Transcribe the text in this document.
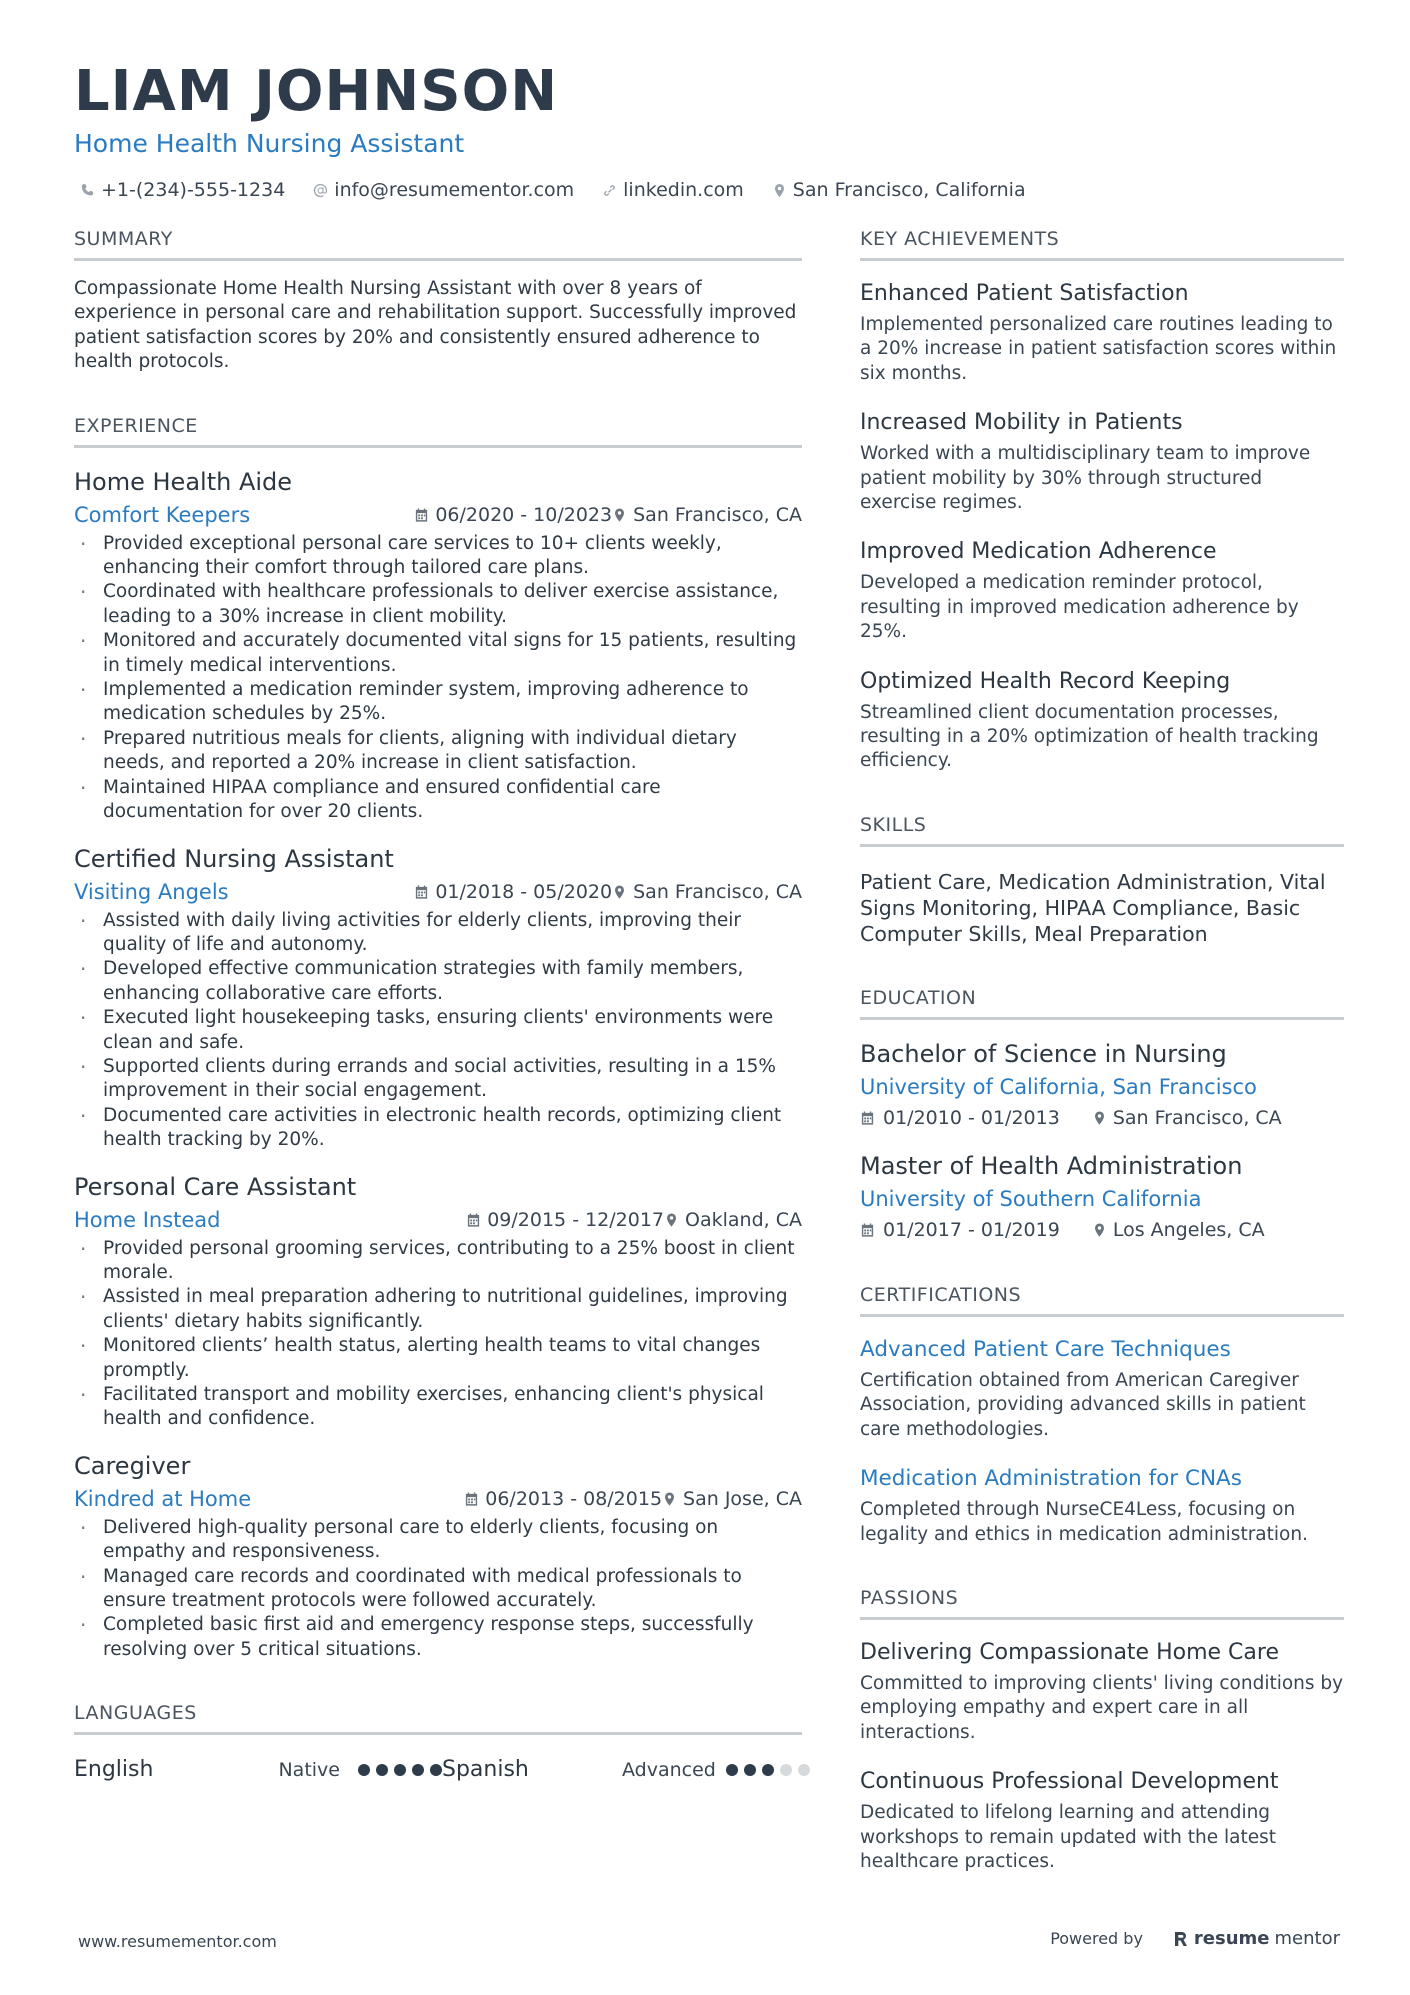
LIAM JOHNSON
Home Health Nursing Assistant
+1-(234)-555-1234	info@resumementor.com	linkedin.com	San Francisco, California
SUMMARY
Compassionate Home Health Nursing Assistant with over 8 years of experience in personal care and rehabilitation support. Successfully improved patient satisfaction scores by 20% and consistently ensured adherence to health protocols.
EXPERIENCE
Home Health Aide
Comfort Keepers	06/2020 - 10/2023 San Francisco, CA
· Provided exceptional personal care services to 10+ clients weekly, enhancing their comfort through tailored care plans.
· Coordinated with healthcare professionals to deliver exercise assistance, leading to a 30% increase in client mobility.
· Monitored and accurately documented vital signs for 15 patients, resulting in timely medical interventions.
· Implemented a medication reminder system, improving adherence to medication schedules by 25%.
· Prepared nutritious meals for clients, aligning with individual dietary needs, and reported a 20% increase in client satisfaction.
· Maintained HIPAA compliance and ensured confidential care documentation for over 20 clients.
Certified Nursing Assistant
Visiting Angels	01/2018 - 05/2020 San Francisco, CA
· Assisted with daily living activities for elderly clients, improving their quality of life and autonomy.
· Developed effective communication strategies with family members, enhancing collaborative care efforts.
· Executed light housekeeping tasks, ensuring clients' environments were clean and safe.
· Supported clients during errands and social activities, resulting in a 15% improvement in their social engagement.
· Documented care activities in electronic health records, optimizing client health tracking by 20%.
Personal Care Assistant
Home Instead	09/2015 - 12/2017 Oakland, CA
· Provided personal grooming services, contributing to a 25% boost in client morale.
· Assisted in meal preparation adhering to nutritional guidelines, improving clients' dietary habits significantly.
· Monitored clients’ health status, alerting health teams to vital changes promptly.
· Facilitated transport and mobility exercises, enhancing client's physical health and confidence.
Caregiver
Kindred at Home	06/2013 - 08/2015 San Jose, CA
· Delivered high-quality personal care to elderly clients, focusing on empathy and responsiveness.
· Managed care records and coordinated with medical professionals to ensure treatment protocols were followed accurately.
· Completed basic first aid and emergency response steps, successfully resolving over 5 critical situations.
LANGUAGES
English	Native	Spanish	Advanced
KEY ACHIEVEMENTS
Enhanced Patient Satisfaction
Implemented personalized care routines leading to a 20% increase in patient satisfaction scores within six months.
Increased Mobility in Patients
Worked with a multidisciplinary team to improve patient mobility by 30% through structured exercise regimes.
Improved Medication Adherence
Developed a medication reminder protocol, resulting in improved medication adherence by 25%.
Optimized Health Record Keeping
Streamlined client documentation processes, resulting in a 20% optimization of health tracking efficiency.
SKILLS
Patient Care, Medication Administration, Vital Signs Monitoring, HIPAA Compliance, Basic Computer Skills, Meal Preparation
EDUCATION
Bachelor of Science in Nursing
University of California, San Francisco
01/2010 - 01/2013	San Francisco, CA
Master of Health Administration
University of Southern California
01/2017 - 01/2019	Los Angeles, CA
CERTIFICATIONS
Advanced Patient Care Techniques
Certification obtained from American Caregiver Association, providing advanced skills in patient care methodologies.
Medication Administration for CNAs
Completed through NurseCE4Less, focusing on legality and ethics in medication administration.
PASSIONS
Delivering Compassionate Home Care
Committed to improving clients' living conditions by employing empathy and expert care in all interactions.
Continuous Professional Development
Dedicated to lifelong learning and attending workshops to remain updated with the latest healthcare practices.
www.resumementor.com	Powered by	resume mentor
